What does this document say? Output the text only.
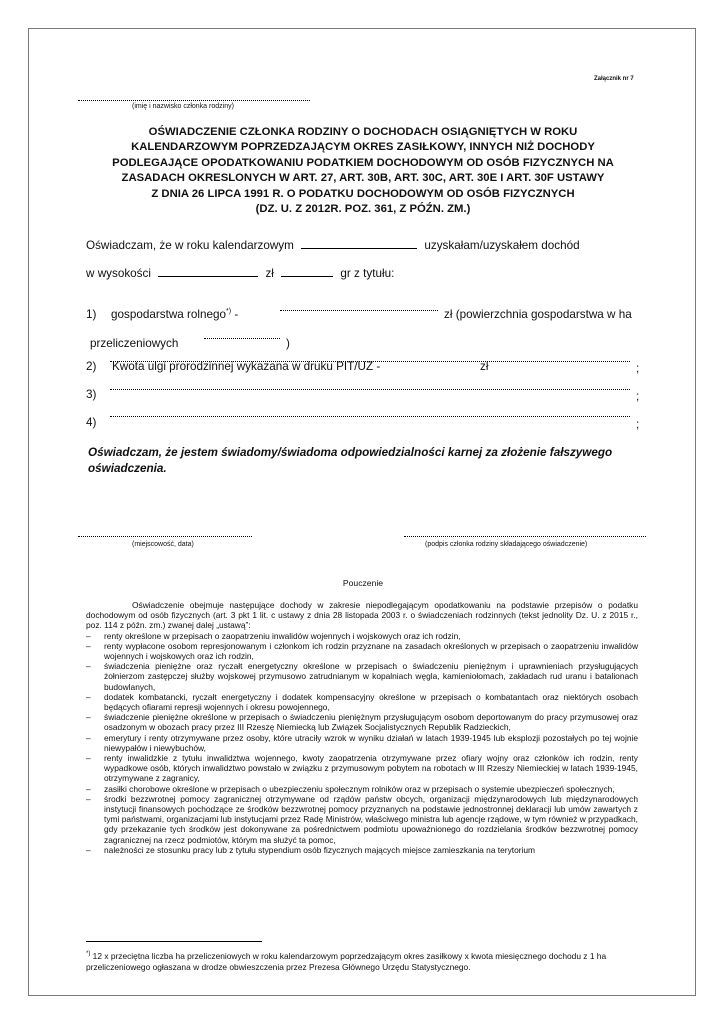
Załącznik nr 7
(imię i nazwisko członka rodziny)
OŚWIADCZENIE CZŁONKA RODZINY O DOCHODACH OSIĄGNIĘTYCH W ROKU
KALENDARZOWYM POPRZEDZAJĄCYM OKRES ZASIŁKOWY, INNYCH NIŻ DOCHODY
PODLEGAJĄCE OPODATKOWANIU PODATKIEM DOCHODOWYM OD OSÓB FIZYCZNYCH NA
ZASADACH OKRESLONYCH W ART. 27, ART. 30B, ART. 30C, ART. 30E I ART. 30F USTAWY
Z DNIA 26 LIPCA 1991 R. O PODATKU DOCHODOWYM OD OSÓB FIZYCZNYCH
(DZ. U. Z 2012R. POZ. 361, Z PÓŹN. ZM.)
Oświadczam, że w roku kalendarzowym	uzyskałam/uzyskałem dochód
w wysokości	zł	gr z tytułu:
1) gospodarstwa rolnego*) -	zł (powierzchnia gospodarstwa w ha
przeliczeniowych	)
2) Kwota ulgi prorodzinnej wykazana w druku PIT/UZ -	zł	;
3)	;
4)	;
Oświadczam, że jestem świadomy/świadoma odpowiedzialności karnej za złożenie fałszywego oświadczenia.
(miejscowość, data)	(podpis członka rodziny składającego oświadczenie)
Pouczenie

Oświadczenie obejmuje następujące dochody w zakresie niepodlegającym opodatkowaniu na podstawie przepisów o podatku dochodowym od osób fizycznych (art. 3 pkt 1 lit. c ustawy z dnia 28 listopada 2003 r. o świadczeniach rodzinnych (tekst jednolity Dz. U. z 2015 r., poz. 114 z późn. zm.) zwanej dalej „ustawą”:

– renty określone w przepisach o zaopatrzeniu inwalidów wojennych i wojskowych oraz ich rodzin,
– renty wypłacone osobom represjonowanym i członkom ich rodzin przyznane na zasadach określonych w przepisach o zaopatrzeniu inwalidów wojennych i wojskowych oraz ich rodzin,
– świadczenia pieniężne oraz ryczałt energetyczny określone w przepisach o świadczeniu pieniężnym i uprawnieniach przysługujących żołnierzom zastępczej służby wojskowej przymusowo zatrudnianym w kopalniach węgla, kamieniołomach, zakładach rud uranu i batalionach budowlanych,
– dodatek kombatancki, ryczałt energetyczny i dodatek kompensacyjny określone w przepisach o kombatantach oraz niektórych osobach będących ofiarami represji wojennych i okresu powojennego,
– świadczenie pieniężne określone w przepisach o świadczeniu pieniężnym przysługującym osobom deportowanym do pracy przymusowej oraz osadzonym w obozach pracy przez III Rzeszę Niemiecką lub Związek Socjalistycznych Republik Radzieckich,
– emerytury i renty otrzymywane przez osoby, które utraciły wzrok w wyniku działań w latach 1939-1945 lub eksplozji pozostałych po tej wojnie niewypałów i niewybuchów,
– renty inwalidzkie z tytułu inwalidztwa wojennego, kwoty zaopatrzenia otrzymywane przez ofiary wojny oraz członków ich rodzin, renty wypadkowe osób, których inwalidztwo powstało w związku z przymusowym pobytem na robotach w III Rzeszy Niemieckiej w latach 1939-1945, otrzymywane z zagranicy,
– zasiłki chorobowe określone w przepisach o ubezpieczeniu społecznym rolników oraz w przepisach o systemie ubezpieczeń społecznych,
– środki bezzwrotnej pomocy zagranicznej otrzymywane od rządów państw obcych, organizacji międzynarodowych lub międzynarodowych instytucji finansowych pochodzące ze środków bezzwrotnej pomocy przyznanych na podstawie jednostronnej deklaracji lub umów zawartych z tymi państwami, organizacjami lub instytucjami przez Radę Ministrów, właściwego ministra lub agencje rządowe, w tym również w przypadkach, gdy przekazanie tych środków jest dokonywane za pośrednictwem podmiotu upoważnionego do rozdzielania środków bezzwrotnej pomocy zagranicznej na rzecz podmiotów, którym ma służyć ta pomoc,
– należności ze stosunku pracy lub z tytułu stypendium osób fizycznych mających miejsce zamieszkania na terytorium
*) 12 x przeciętna liczba ha przeliczeniowych w roku kalendarzowym poprzedzającym okres zasiłkowy x kwota miesięcznego dochodu z 1 ha przeliczeniowego ogłaszana w drodze obwieszczenia przez Prezesa Głównego Urzędu Statystycznego.
